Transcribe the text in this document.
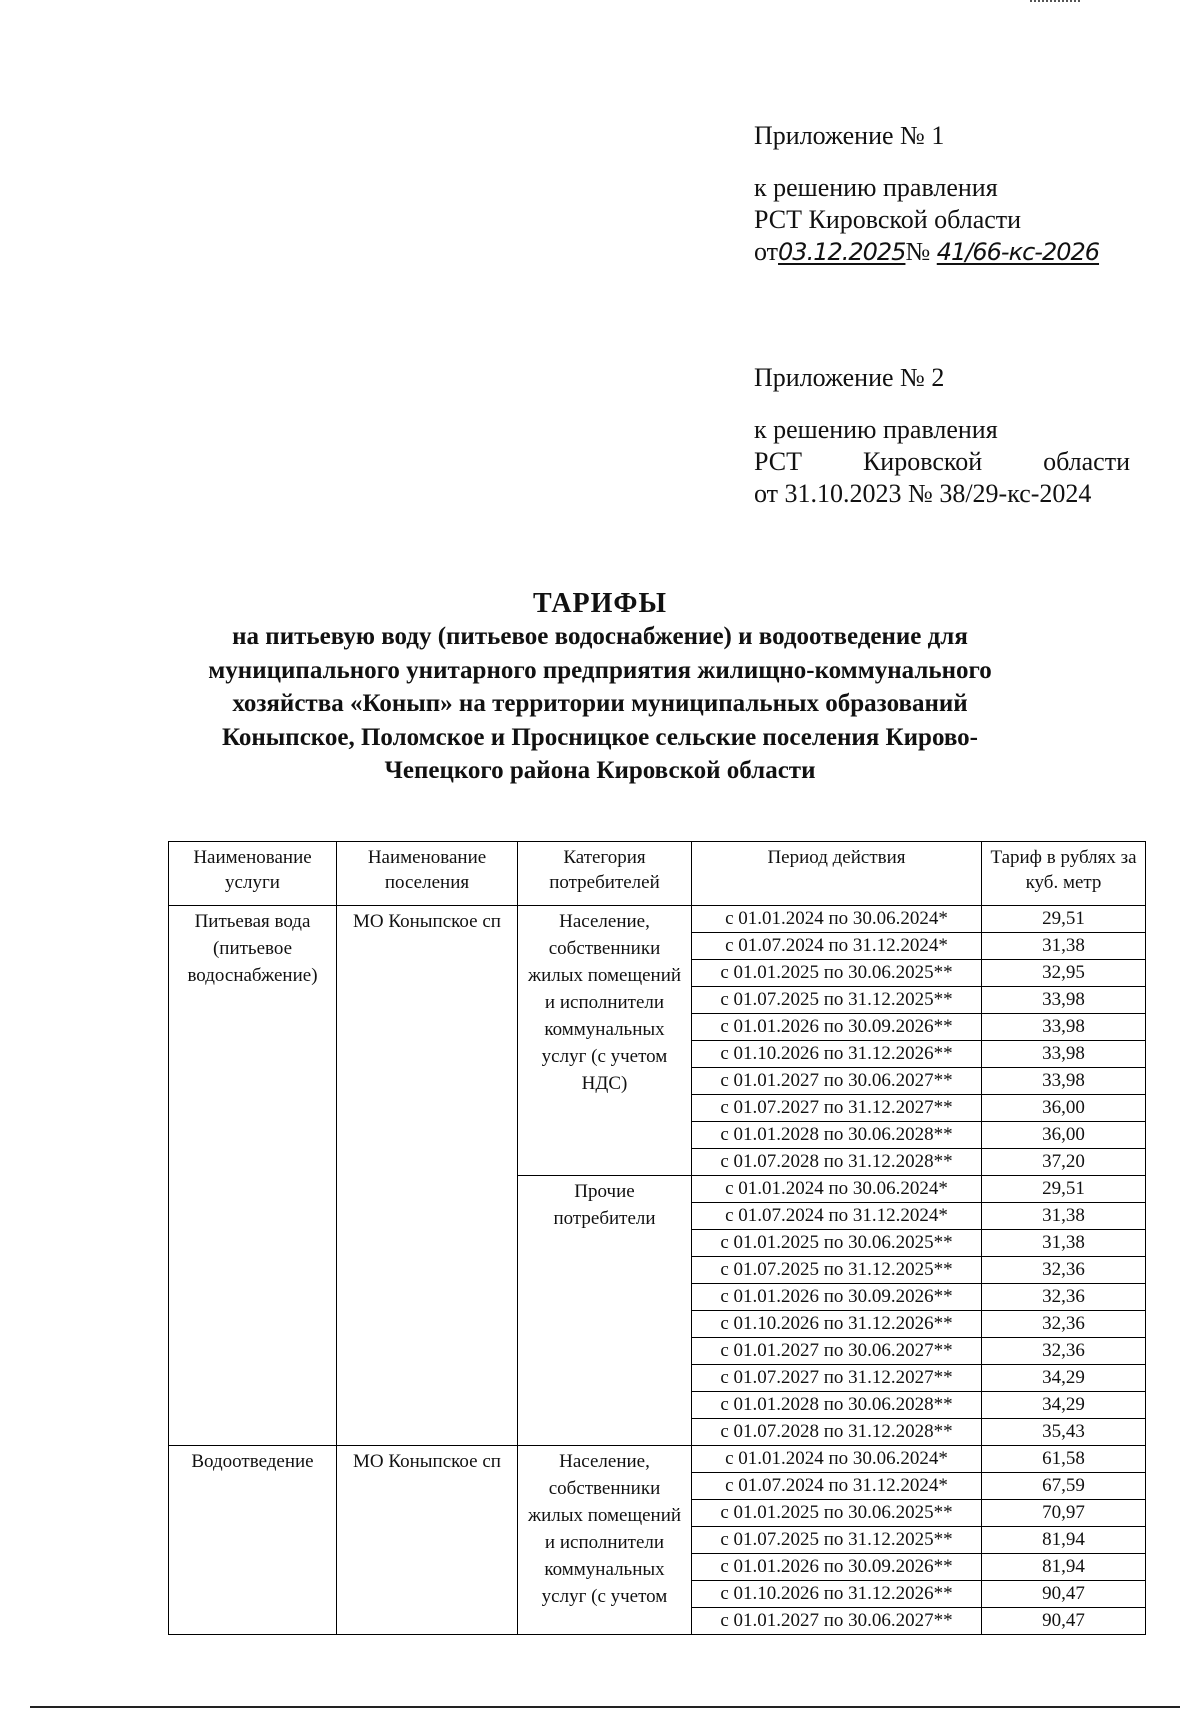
Приложение № 1
к решению правления
РСТ Кировской области
от03.12.2025№ 41/66-кс-2026
Приложение № 2
к решению правления
РСТ Кировской области
от 31.10.2023 № 38/29-кс-2024
ТАРИФЫ

на питьевую воду (питьевое водоснабжение) и водоотведение для

муниципального унитарного предприятия жилищно-коммунального

хозяйства «Конып» на территории муниципальных образований

Коныпское, Поломское и Просницкое сельские поселения Кирово-

Чепецкого района Кировской области

Наименование услуги	Наименование поселения	Категория потребителей	Период действия	Тариф в рублях за куб. метр
Питьевая вода (питьевое водоснабжение)	МО Коныпское сп	Население, собственники жилых помещений и исполнители коммунальных услуг (с учетом НДС)	с 01.01.2024 по 30.06.2024*	29,51
			с 01.07.2024 по 31.12.2024*	31,38
			с 01.01.2025 по 30.06.2025**	32,95
			с 01.07.2025 по 31.12.2025**	33,98
			с 01.01.2026 по 30.09.2026**	33,98
			с 01.10.2026 по 31.12.2026**	33,98
			с 01.01.2027 по 30.06.2027**	33,98
			с 01.07.2027 по 31.12.2027**	36,00
			с 01.01.2028 по 30.06.2028**	36,00
			с 01.07.2028 по 31.12.2028**	37,20
		Прочие потребители	с 01.01.2024 по 30.06.2024*	29,51
			с 01.07.2024 по 31.12.2024*	31,38
			с 01.01.2025 по 30.06.2025**	31,38
			с 01.07.2025 по 31.12.2025**	32,36
			с 01.01.2026 по 30.09.2026**	32,36
			с 01.10.2026 по 31.12.2026**	32,36
			с 01.01.2027 по 30.06.2027**	32,36
			с 01.07.2027 по 31.12.2027**	34,29
			с 01.01.2028 по 30.06.2028**	34,29
			с 01.07.2028 по 31.12.2028**	35,43
Водоотведение	МО Коныпское сп	Население, собственники жилых помещений и исполнители коммунальных услуг (с учетом	с 01.01.2024 по 30.06.2024*	61,58
			с 01.07.2024 по 31.12.2024*	67,59
			с 01.01.2025 по 30.06.2025**	70,97
			с 01.07.2025 по 31.12.2025**	81,94
			с 01.01.2026 по 30.09.2026**	81,94
			с 01.10.2026 по 31.12.2026**	90,47
			с 01.01.2027 по 30.06.2027**	90,47
